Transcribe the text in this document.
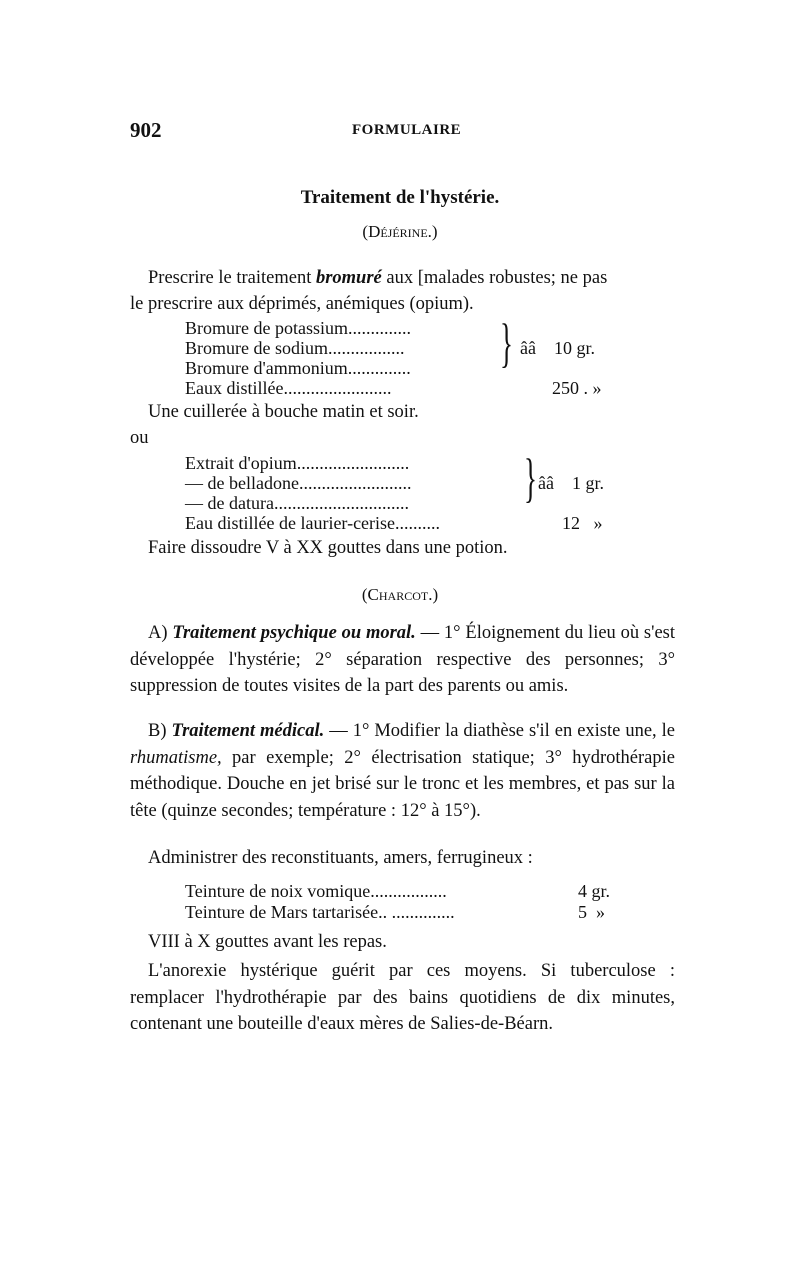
902	FORMULAIRE
Traitement de l'hystérie.
(Déjérine.)
Prescrire le traitement bromuré aux [malades robustes; ne pas
le prescrire aux déprimés, anémiques (opium).
Bromure de potassium..............
Bromure de sodium.................
Bromure d'ammonium.............. } ââ    10 gr.
Eaux distillée........................	250 . »
Une cuillerée à bouche matin et soir.
ou
Extrait d'opium.........................
— de belladone.........................
— de datura.............................. } ââ    1 gr.
Eau distillée de laurier-cerise..........	12   »
Faire dissoudre V à XX gouttes dans une potion.
(Charcot.)
A) Traitement psychique ou moral. — 1° Éloignement du lieu où s'est développée l'hystérie; 2° séparation respective des personnes; 3° suppression de toutes visites de la part des parents ou amis.
B) Traitement médical. — 1° Modifier la diathèse s'il en existe une, le rhumatisme, par exemple; 2° électrisation statique; 3° hydrothérapie méthodique. Douche en jet brisé sur le tronc et les membres, et pas sur la tête (quinze secondes; température : 12° à 15°).
Administrer des reconstituants, amers, ferrugineux :
Teinture de noix vomique.................	4 gr.
Teinture de Mars tartarisée.. ..............	5  »
VIII à X gouttes avant les repas.
L'anorexie hystérique guérit par ces moyens. Si tuberculose : remplacer l'hydrothérapie par des bains quotidiens de dix minutes, contenant une bouteille d'eaux mères de Salies-de-Béarn.
